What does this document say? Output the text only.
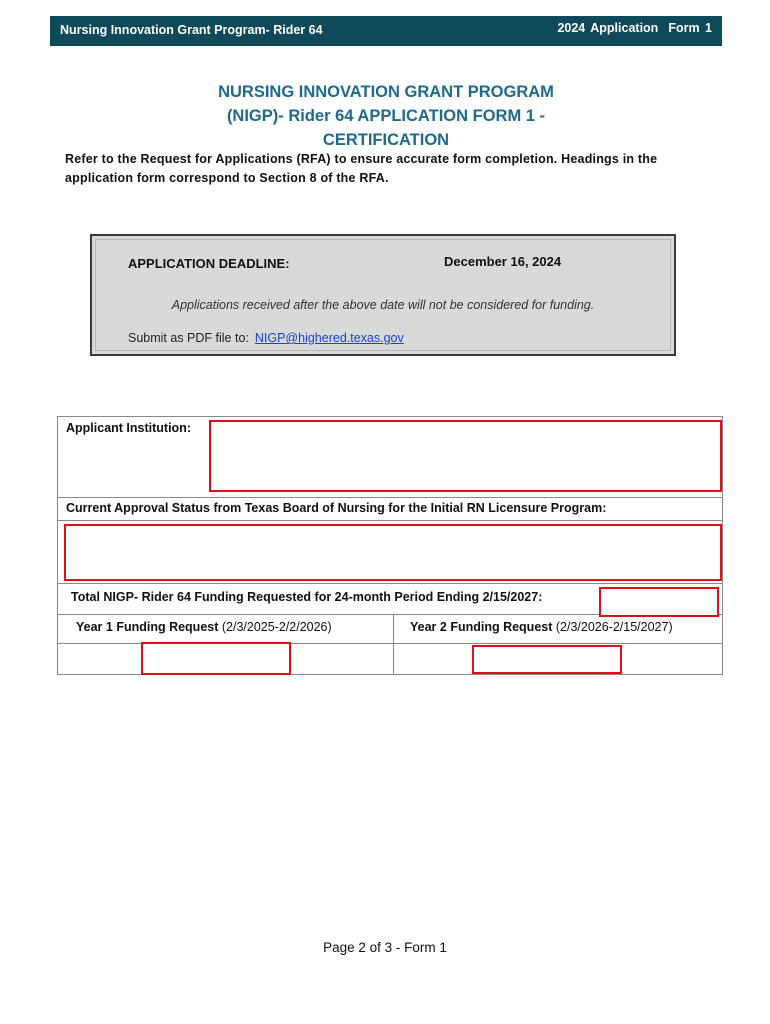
Nursing Innovation Grant Program- Rider 64	2024 Application Form 1
NURSING INNOVATION GRANT PROGRAM
(NIGP)- Rider 64 APPLICATION FORM 1 -
CERTIFICATION
Refer to the Request for Applications (RFA) to ensure accurate form completion. Headings in the application form correspond to Section 8 of the RFA.
APPLICATION DEADLINE:	December 16, 2024
Applications received after the above date will not be considered for funding.
Submit as PDF file to: NIGP@highered.texas.gov
Applicant Institution:	

Current Approval Status from Texas Board of Nursing for the Initial RN Licensure Program:	

Total NIGP- Rider 64 Funding Requested for 24-month Period Ending 2/15/2027:	

Year 1 Funding Request (2/3/2025-2/2/2026)	Year 2 Funding Request (2/3/2026-2/15/2027)

Page 2 of 3 - Form 1
